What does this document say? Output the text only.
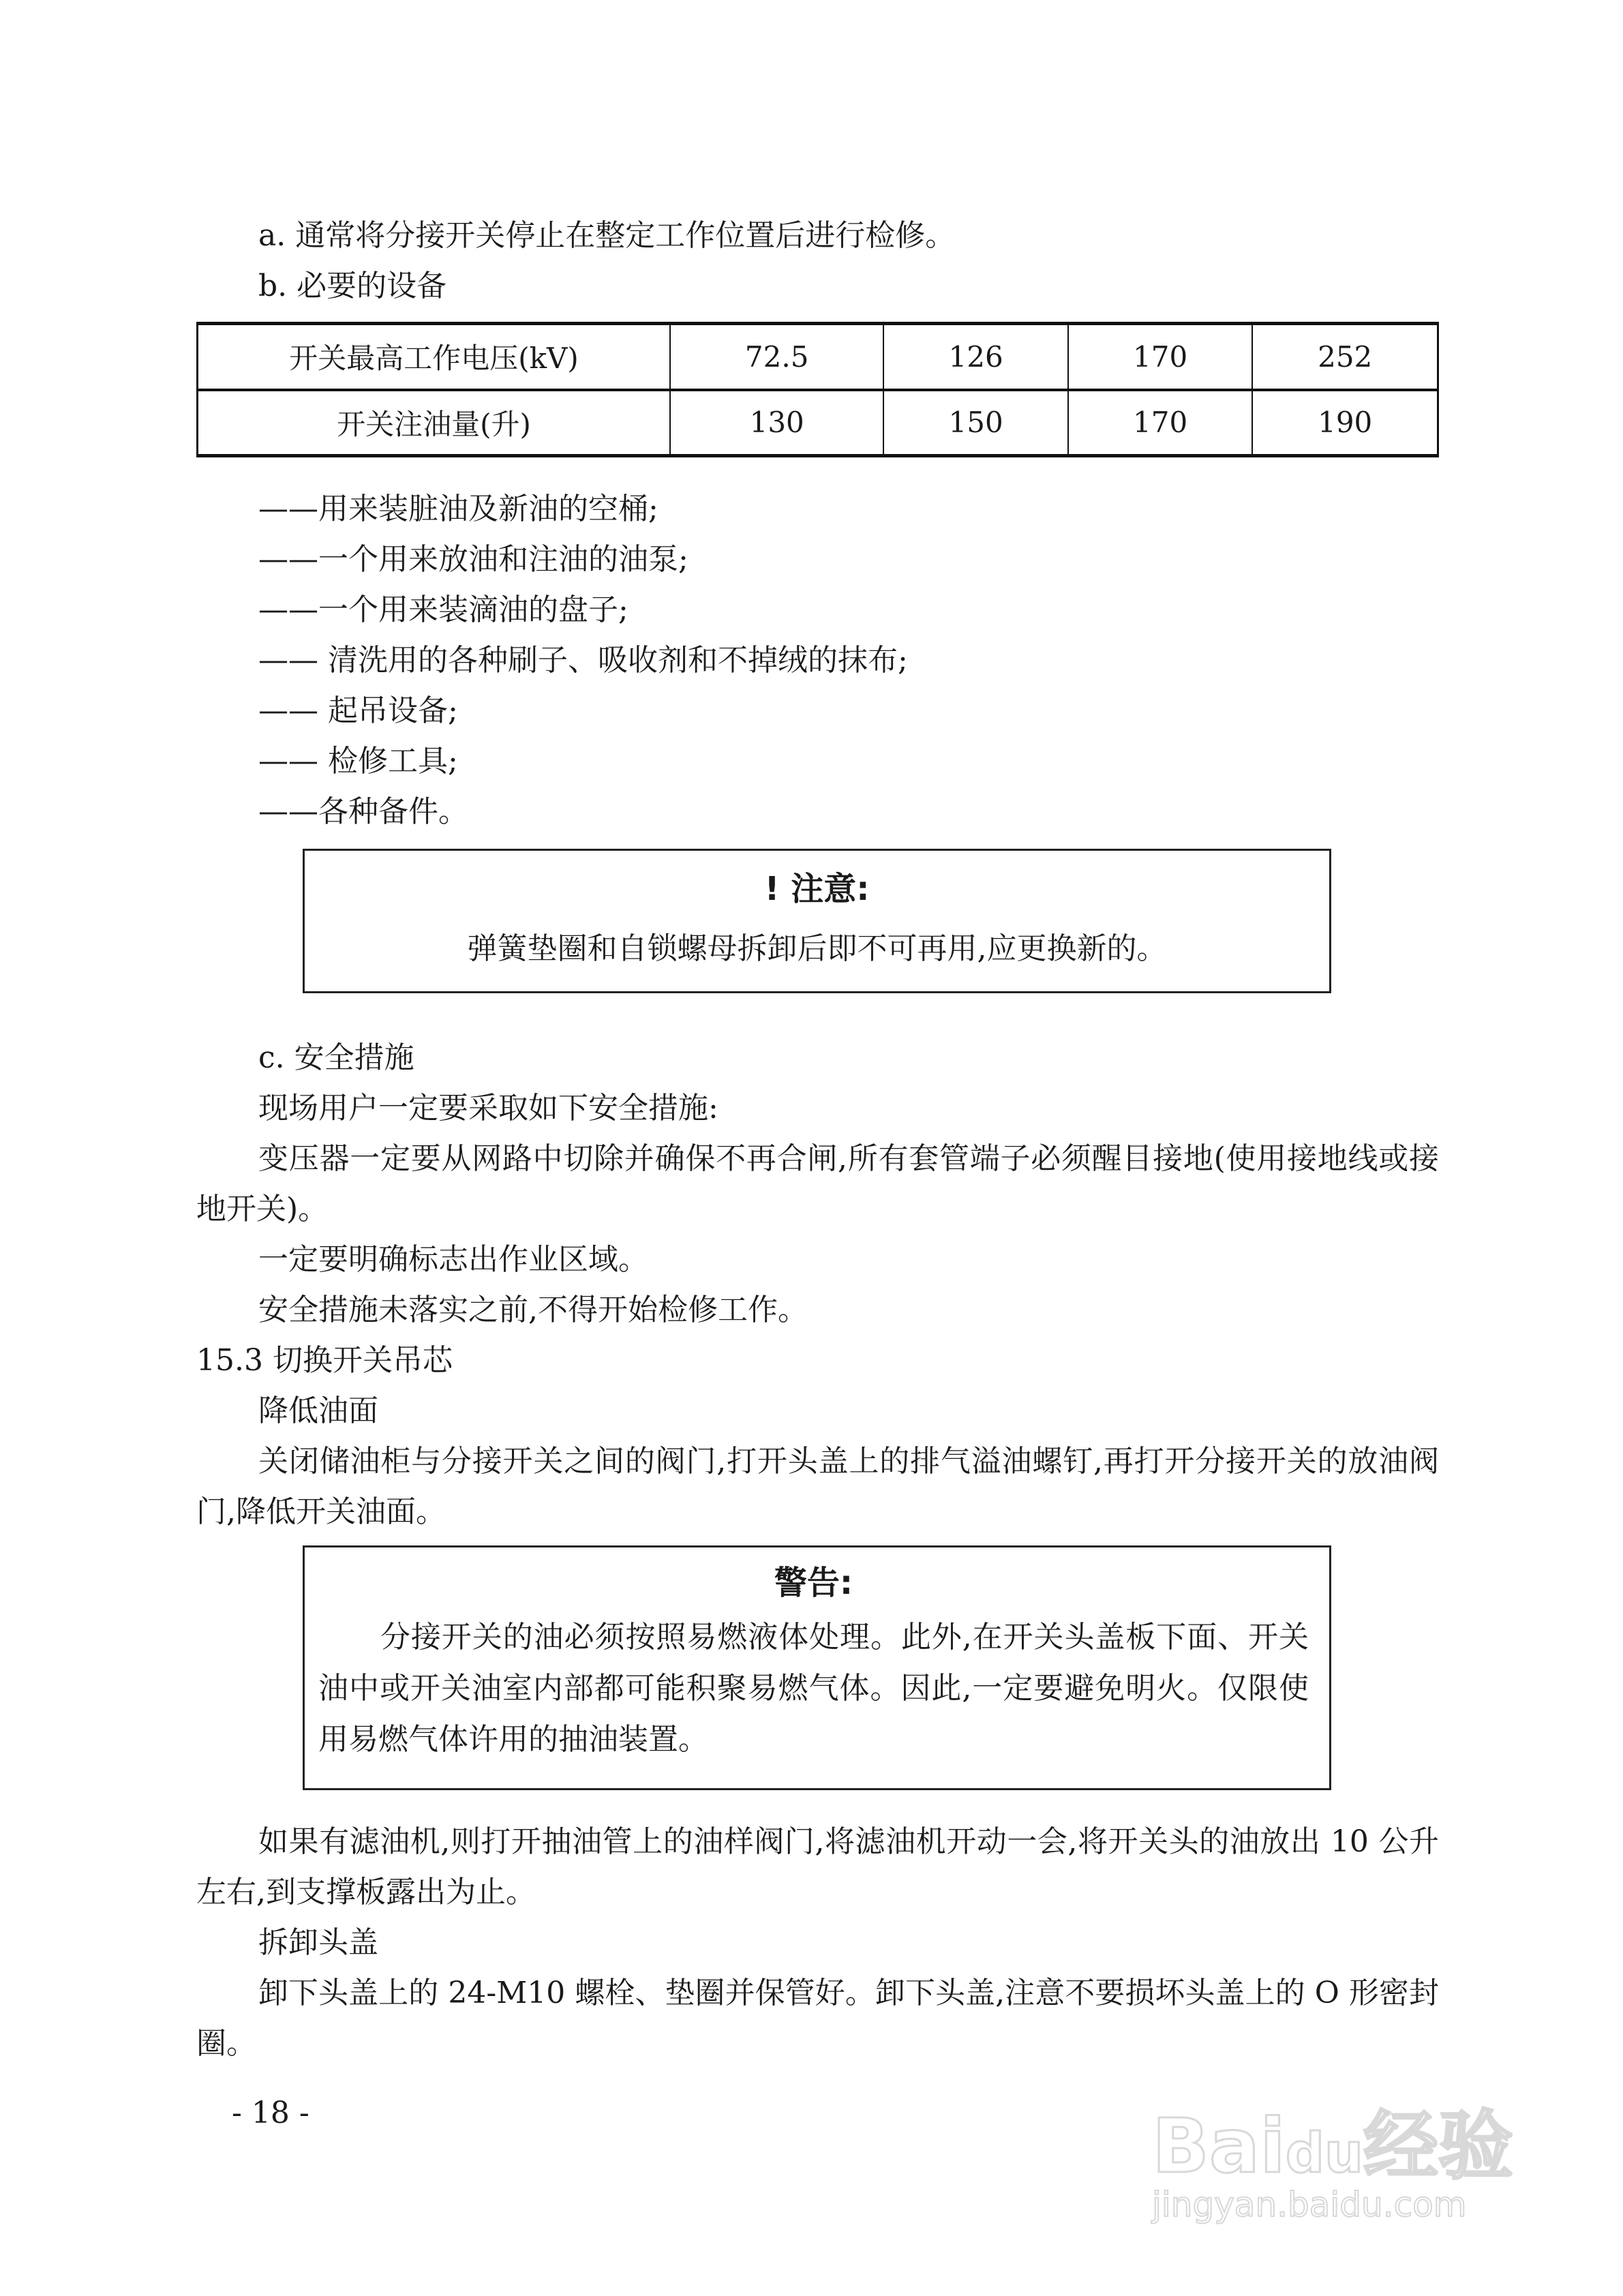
a. 通常将分接开关停止在整定工作位置后进行检修。
b. 必要的设备
开关最高工作电压(kV)	72.5	126	170	252
开关注油量(升)	130	150	170	190
——用来装脏油及新油的空桶;
——一个用来放油和注油的油泵;
——一个用来装滴油的盘子;
—— 清洗用的各种刷子、吸收剂和不掉绒的抹布;
—— 起吊设备;
—— 检修工具;
——各种备件。
! 注意:
弹簧垫圈和自锁螺母拆卸后即不可再用,应更换新的。
c. 安全措施
现场用户一定要采取如下安全措施:
变压器一定要从网路中切除并确保不再合闸,所有套管端子必须醒目接地(使用接地线或接地开关)。
一定要明确标志出作业区域。
安全措施未落实之前,不得开始检修工作。
15.3 切换开关吊芯
降低油面
关闭储油柜与分接开关之间的阀门,打开头盖上的排气溢油螺钉,再打开分接开关的放油阀门,降低开关油面。
警告:
分接开关的油必须按照易燃液体处理。此外,在开关头盖板下面、开关油中或开关油室内部都可能积聚易燃气体。因此,一定要避免明火。仅限使用易燃气体许用的抽油装置。
如果有滤油机,则打开抽油管上的油样阀门,将滤油机开动一会,将开关头的油放出 10 公升左右,到支撑板露出为止。
拆卸头盖
卸下头盖上的 24-M10 螺栓、垫圈并保管好。卸下头盖,注意不要损坏头盖上的 O 形密封圈。
- 18 -	Baidu经验
jingyan.baidu.com
